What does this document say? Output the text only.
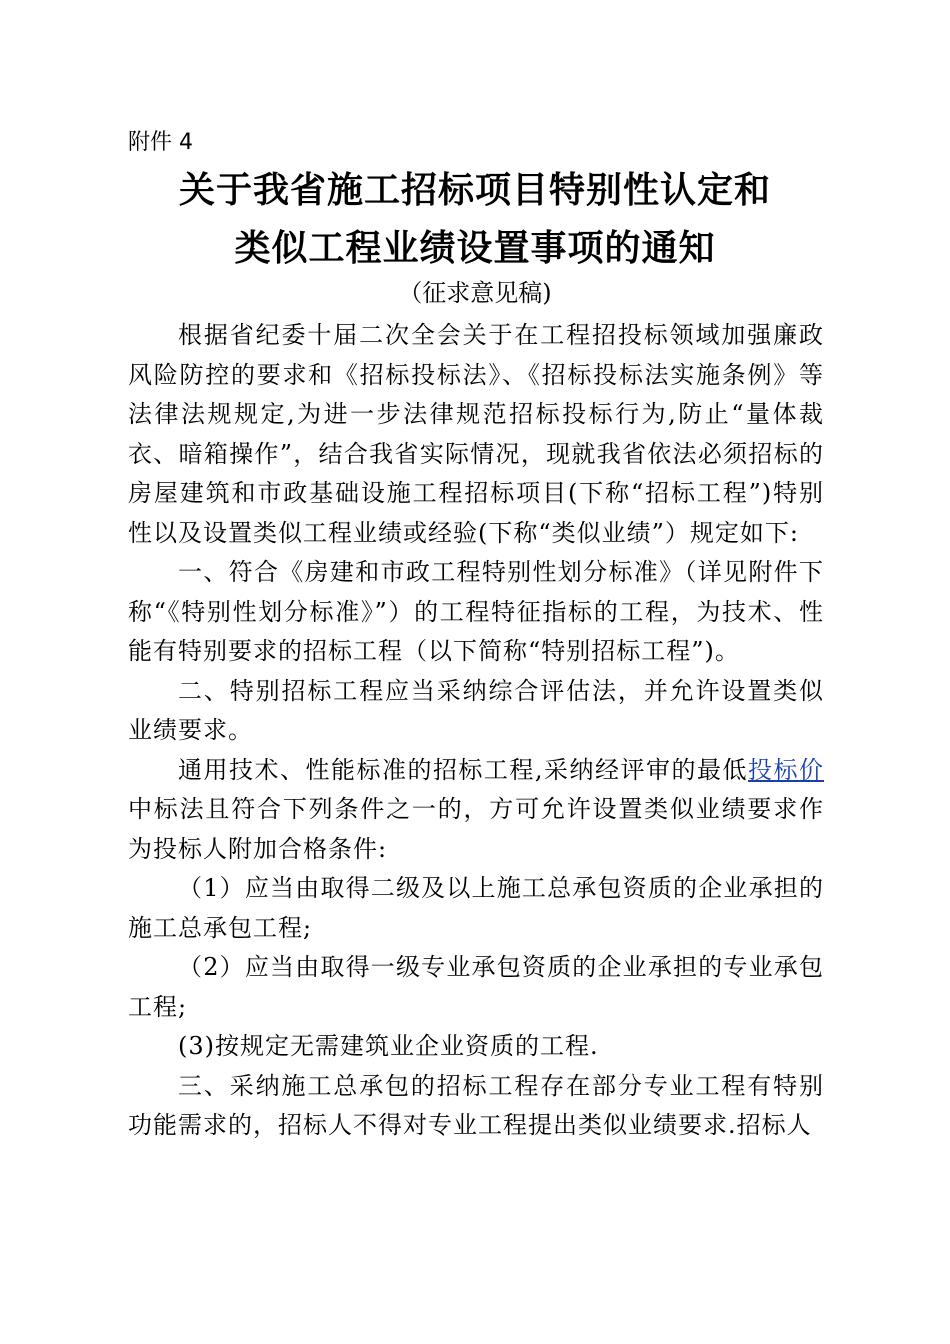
附件 4
关于我省施工招标项目特别性认定和
类似工程业绩设置事项的通知
（征求意见稿)

根据省纪委十届二次全会关于在工程招投标领域加强廉政风险防控的要求和《招标投标法》、《招标投标法实施条例》等法律法规规定,为进一步法律规范招标投标行为,防止“量体裁衣、暗箱操作”，结合我省实际情况，现就我省依法必须招标的房屋建筑和市政基础设施工程招标项目(下称“招标工程”)特别性以及设置类似工程业绩或经验(下称“类似业绩”）规定如下:

一、符合《房建和市政工程特别性划分标准》（详见附件下称“《特别性划分标准》”）的工程特征指标的工程，为技术、性能有特别要求的招标工程（以下简称“特别招标工程”)。

二、特别招标工程应当采纳综合评估法，并允许设置类似业绩要求。

通用技术、性能标准的招标工程,采纳经评审的最低投标价中标法且符合下列条件之一的，方可允许设置类似业绩要求作为投标人附加合格条件:

（1）应当由取得二级及以上施工总承包资质的企业承担的施工总承包工程;

（2）应当由取得一级专业承包资质的企业承担的专业承包工程;

(3)按规定无需建筑业企业资质的工程.

三、采纳施工总承包的招标工程存在部分专业工程有特别功能需求的，招标人不得对专业工程提出类似业绩要求.招标人
